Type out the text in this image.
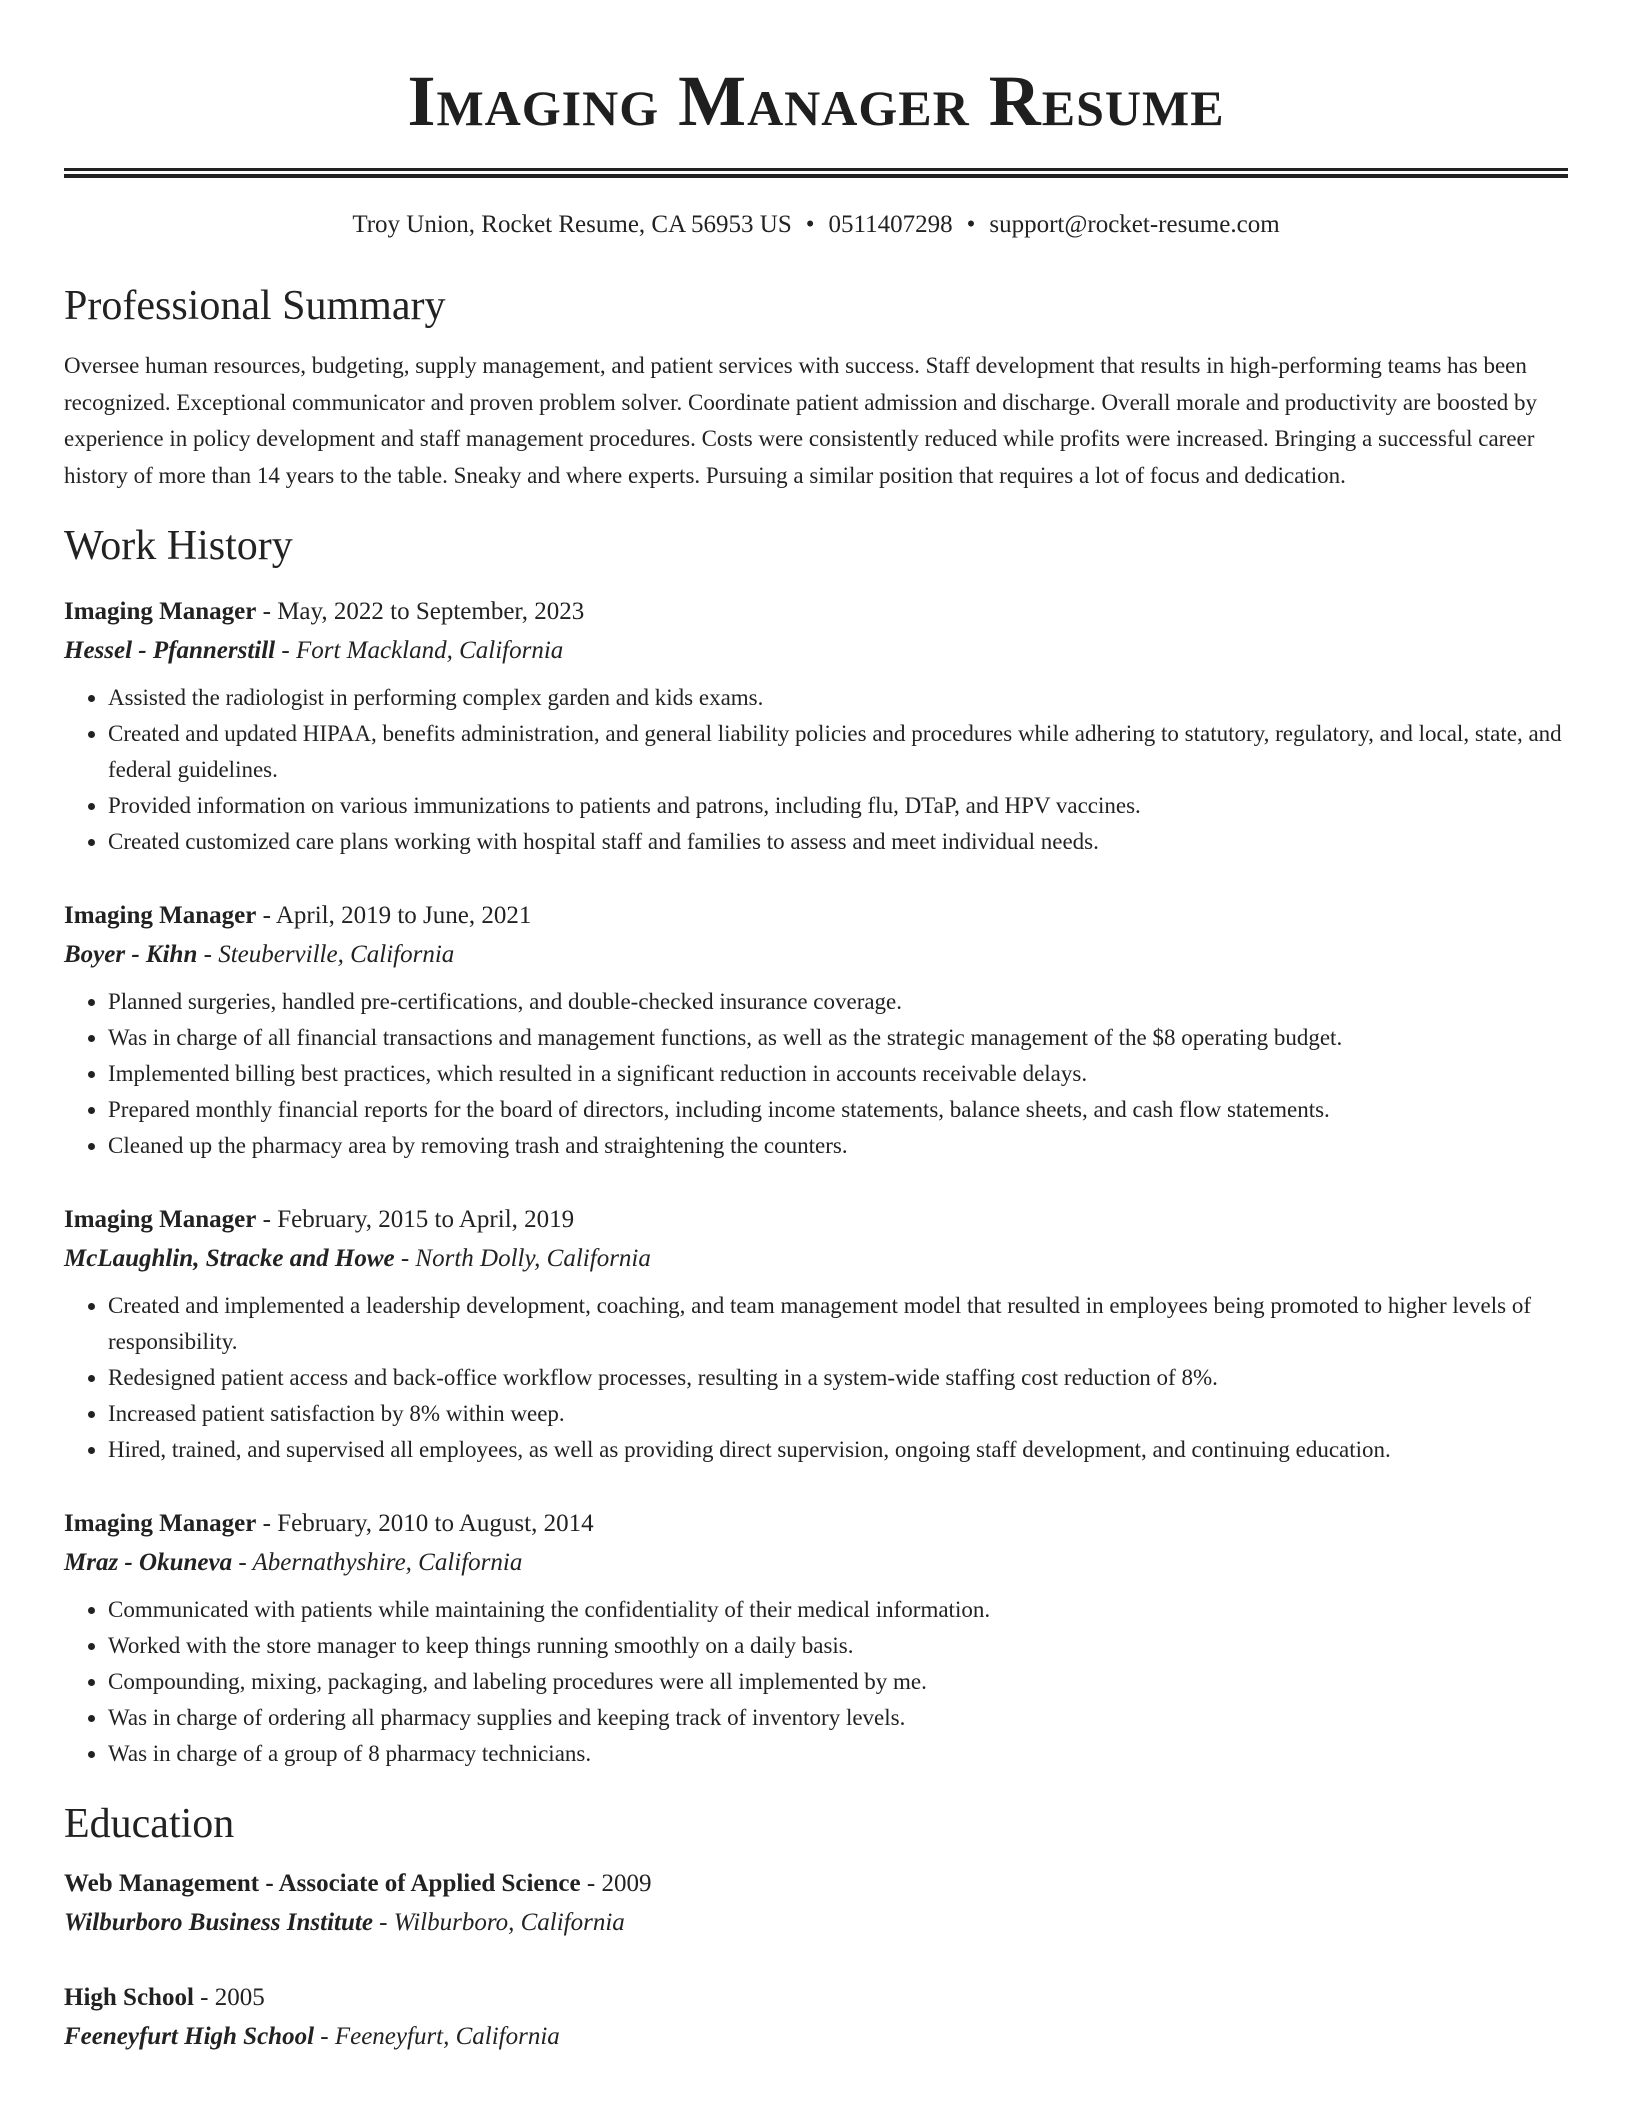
Imaging Manager Resume
Troy Union, Rocket Resume, CA 56953 US • 0511407298 • support@rocket-resume.com
Professional Summary

Oversee human resources, budgeting, supply management, and patient services with success. Staff development that results in high-performing teams has been recognized. Exceptional communicator and proven problem solver. Coordinate patient admission and discharge. Overall morale and productivity are boosted by experience in policy development and staff management procedures. Costs were consistently reduced while profits were increased. Bringing a successful career history of more than 14 years to the table. Sneaky and where experts. Pursuing a similar position that requires a lot of focus and dedication.

Work History
Imaging Manager - May, 2022 to September, 2023
Hessel - Pfannerstill - Fort Mackland, California
• Assisted the radiologist in performing complex garden and kids exams.
• Created and updated HIPAA, benefits administration, and general liability policies and procedures while adhering to statutory, regulatory, and local, state, and federal guidelines.
• Provided information on various immunizations to patients and patrons, including flu, DTaP, and HPV vaccines.
• Created customized care plans working with hospital staff and families to assess and meet individual needs.
Imaging Manager - April, 2019 to June, 2021
Boyer - Kihn - Steuberville, California
• Planned surgeries, handled pre-certifications, and double-checked insurance coverage.
• Was in charge of all financial transactions and management functions, as well as the strategic management of the $8 operating budget.
• Implemented billing best practices, which resulted in a significant reduction in accounts receivable delays.
• Prepared monthly financial reports for the board of directors, including income statements, balance sheets, and cash flow statements.
• Cleaned up the pharmacy area by removing trash and straightening the counters.
Imaging Manager - February, 2015 to April, 2019
McLaughlin, Stracke and Howe - North Dolly, California
• Created and implemented a leadership development, coaching, and team management model that resulted in employees being promoted to higher levels of responsibility.
• Redesigned patient access and back-office workflow processes, resulting in a system-wide staffing cost reduction of 8%.
• Increased patient satisfaction by 8% within weep.
• Hired, trained, and supervised all employees, as well as providing direct supervision, ongoing staff development, and continuing education.
Imaging Manager - February, 2010 to August, 2014
Mraz - Okuneva - Abernathyshire, California
• Communicated with patients while maintaining the confidentiality of their medical information.
• Worked with the store manager to keep things running smoothly on a daily basis.
• Compounding, mixing, packaging, and labeling procedures were all implemented by me.
• Was in charge of ordering all pharmacy supplies and keeping track of inventory levels.
• Was in charge of a group of 8 pharmacy technicians.
Education
Web Management - Associate of Applied Science - 2009
Wilburboro Business Institute - Wilburboro, California
High School - 2005
Feeneyfurt High School - Feeneyfurt, California
